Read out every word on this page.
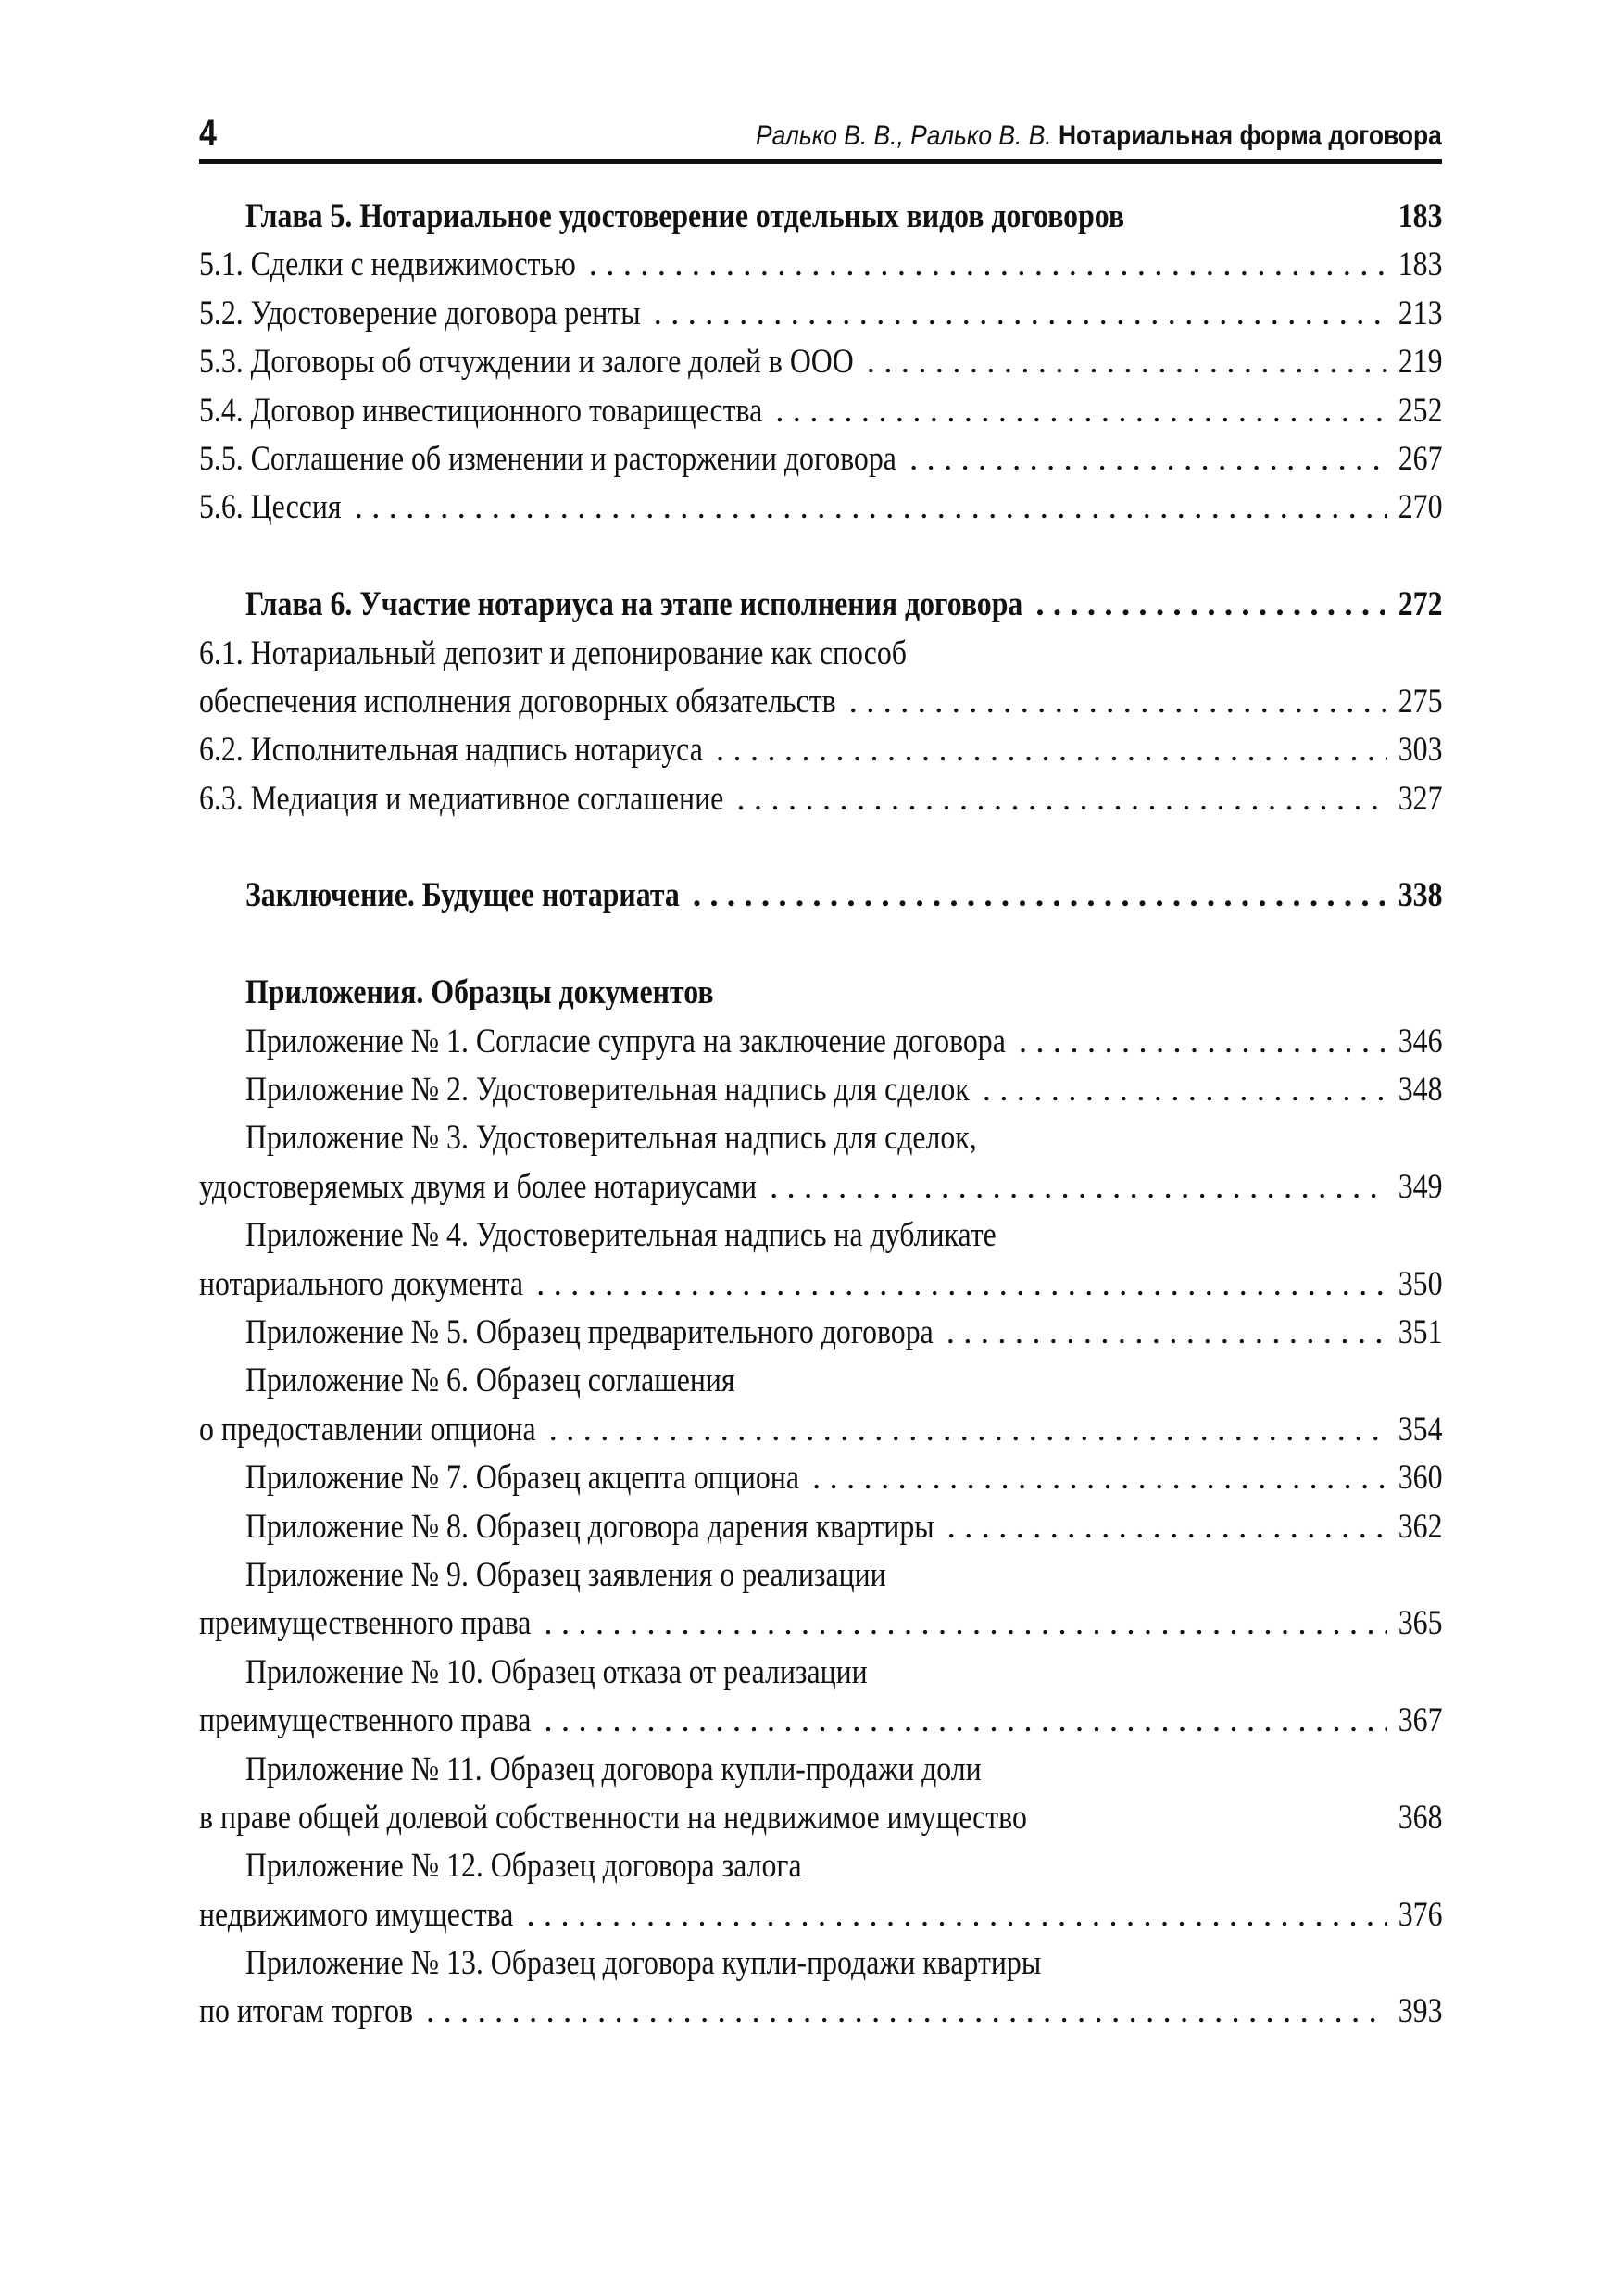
4	Ралько В. В., Ралько В. В. Нотариальная форма договора
Глава 5. Нотариальное удостоверение отдельных видов договоров	183
5.1. Сделки с недвижимостью . . .	183
5.2. Удостоверение договора ренты . . .	213
5.3. Договоры об отчуждении и залоге долей в ООО . . .	219
5.4. Договор инвестиционного товарищества . . .	252
5.5. Соглашение об изменении и расторжении договора . . .	267
5.6. Цессия . . .	270
Глава 6. Участие нотариуса на этапе исполнения договора . . .	272
6.1. Нотариальный депозит и депонирование как способ
обеспечения исполнения договорных обязательств . . .	275
6.2. Исполнительная надпись нотариуса . . .	303
6.3. Медиация и медиативное соглашение . . .	327
Заключение. Будущее нотариата . . .	338
Приложения. Образцы документов
Приложение № 1. Согласие супруга на заключение договора . . .	346
Приложение № 2. Удостоверительная надпись для сделок . . .	348
Приложение № 3. Удостоверительная надпись для сделок,
удостоверяемых двумя и более нотариусами . . .	349
Приложение № 4. Удостоверительная надпись на дубликате
нотариального документа . . .	350
Приложение № 5. Образец предварительного договора . . .	351
Приложение № 6. Образец соглашения
о предоставлении опциона . . .	354
Приложение № 7. Образец акцепта опциона . . .	360
Приложение № 8. Образец договора дарения квартиры . . .	362
Приложение № 9. Образец заявления о реализации
преимущественного права . . .	365
Приложение № 10. Образец отказа от реализации
преимущественного права . . .	367
Приложение № 11. Образец договора купли-продажи доли
в праве общей долевой собственности на недвижимое имущество	368
Приложение № 12. Образец договора залога
недвижимого имущества . . .	376
Приложение № 13. Образец договора купли-продажи квартиры
по итогам торгов . . .	393
